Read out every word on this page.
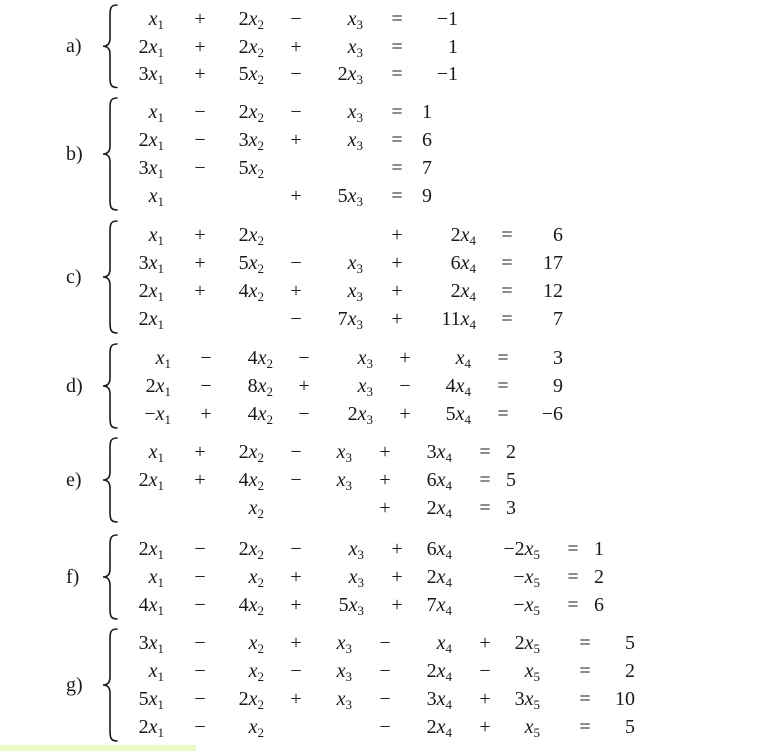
a)
$x_1 + 2x_2 - x_3 = -1$
$2x_1 + 2x_2 + x_3 = 1$
$3x_1 + 5x_2 - 2x_3 = -1$
b)
$x_1 - 2x_2 - x_3 = 1$
$2x_1 - 3x_2 + x_3 = 6$
$3x_1 - 5x_2$	= 7
$x_1$	+ $5x_3 = 9$
c)
$x_1 + 2x_2$	+ $2x_4 = 6$
$3x_1 + 5x_2 - x_3 + 6x_4 = 17$
$2x_1 + 4x_2 + x_3 + 2x_4 = 12$
$2x_1$	− $7x_3 + 11x_4 = 7$
d)
$x_1 - 4x_2 - x_3 + x_4 = 3$
$2x_1 - 8x_2 + x_3 - 4x_4 = 9$
$-x_1 + 4x_2 - 2x_3 + 5x_4 = -6$
e)
$x_1 + 2x_2 - x_3 + 3x_4 = 2$
$2x_1 + 4x_2 - x_3 + 6x_4 = 5$
$x_2$	+ $2x_4 = 3$
f)
$2x_1 - 2x_2 - x_3 + 6x_4$	$-2x_5 = 1$
$x_1 - x_2 + x_3 + 2x_4$	$-x_5 = 2$
$4x_1 - 4x_2 + 5x_3 + 7x_4$	$-x_5 = 6$
g)
$3x_1 - x_2 + x_3 - x_4 + 2x_5 = 5$
$x_1 - x_2 - x_3 - 2x_4 - x_5 = 2$
$5x_1 - 2x_2 + x_3 - 3x_4 + 3x_5 = 10$
$2x_1 - x_2$	− $2x_4 + x_5 = 5$
